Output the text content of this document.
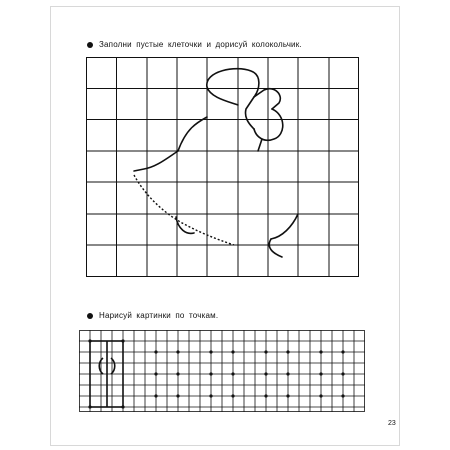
Заполни пустые клеточки и дорисуй колокольчик.
Нарисуй картинки по точкам.
23
